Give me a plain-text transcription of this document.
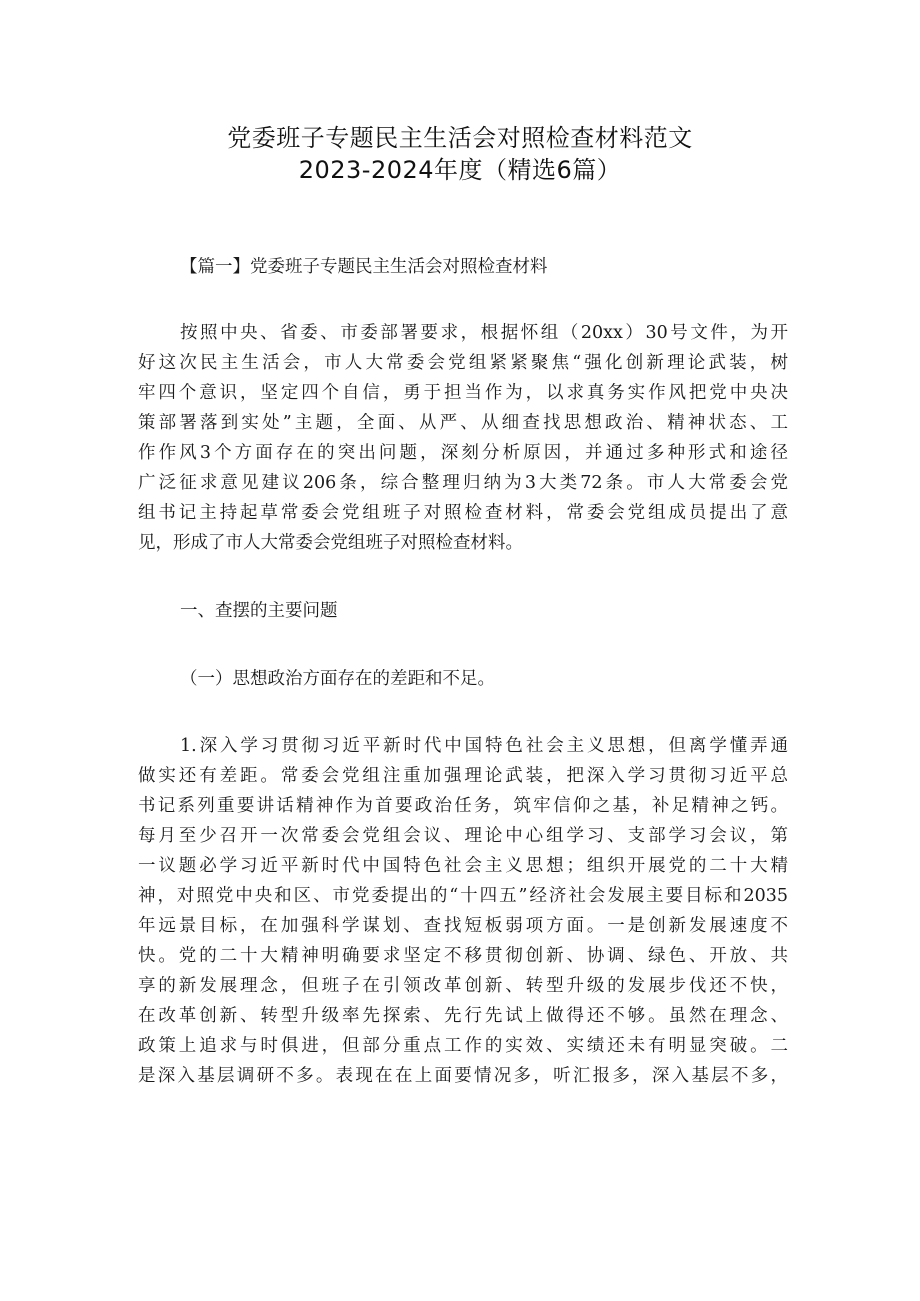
党委班子专题民主生活会对照检查材料范文
2023-2024年度（精选6篇）
【篇一】党委班子专题民主生活会对照检查材料
按照中央、省委、市委部署要求，根据怀组（20xx）30号文件，为开
好这次民主生活会，市人大常委会党组紧紧聚焦“强化创新理论武装，树
牢四个意识，坚定四个自信，勇于担当作为，以求真务实作风把党中央决
策部署落到实处”主题，全面、从严、从细查找思想政治、精神状态、工
作作风3个方面存在的突出问题，深刻分析原因，并通过多种形式和途径
广泛征求意见建议206条，综合整理归纳为3大类72条。市人大常委会党
组书记主持起草常委会党组班子对照检查材料，常委会党组成员提出了意
见，形成了市人大常委会党组班子对照检查材料。
一、查摆的主要问题
（一）思想政治方面存在的差距和不足。
1.深入学习贯彻习近平新时代中国特色社会主义思想，但离学懂弄通
做实还有差距。常委会党组注重加强理论武装，把深入学习贯彻习近平总
书记系列重要讲话精神作为首要政治任务，筑牢信仰之基，补足精神之钙。
每月至少召开一次常委会党组会议、理论中心组学习、支部学习会议，第
一议题必学习近平新时代中国特色社会主义思想；组织开展党的二十大精
神，对照党中央和区、市党委提出的“十四五”经济社会发展主要目标和2035
年远景目标，在加强科学谋划、查找短板弱项方面。一是创新发展速度不
快。党的二十大精神明确要求坚定不移贯彻创新、协调、绿色、开放、共
享的新发展理念，但班子在引领改革创新、转型升级的发展步伐还不快，
在改革创新、转型升级率先探索、先行先试上做得还不够。虽然在理念、
政策上追求与时俱进，但部分重点工作的实效、实绩还未有明显突破。二
是深入基层调研不多。表现在在上面要情况多，听汇报多，深入基层不多，
